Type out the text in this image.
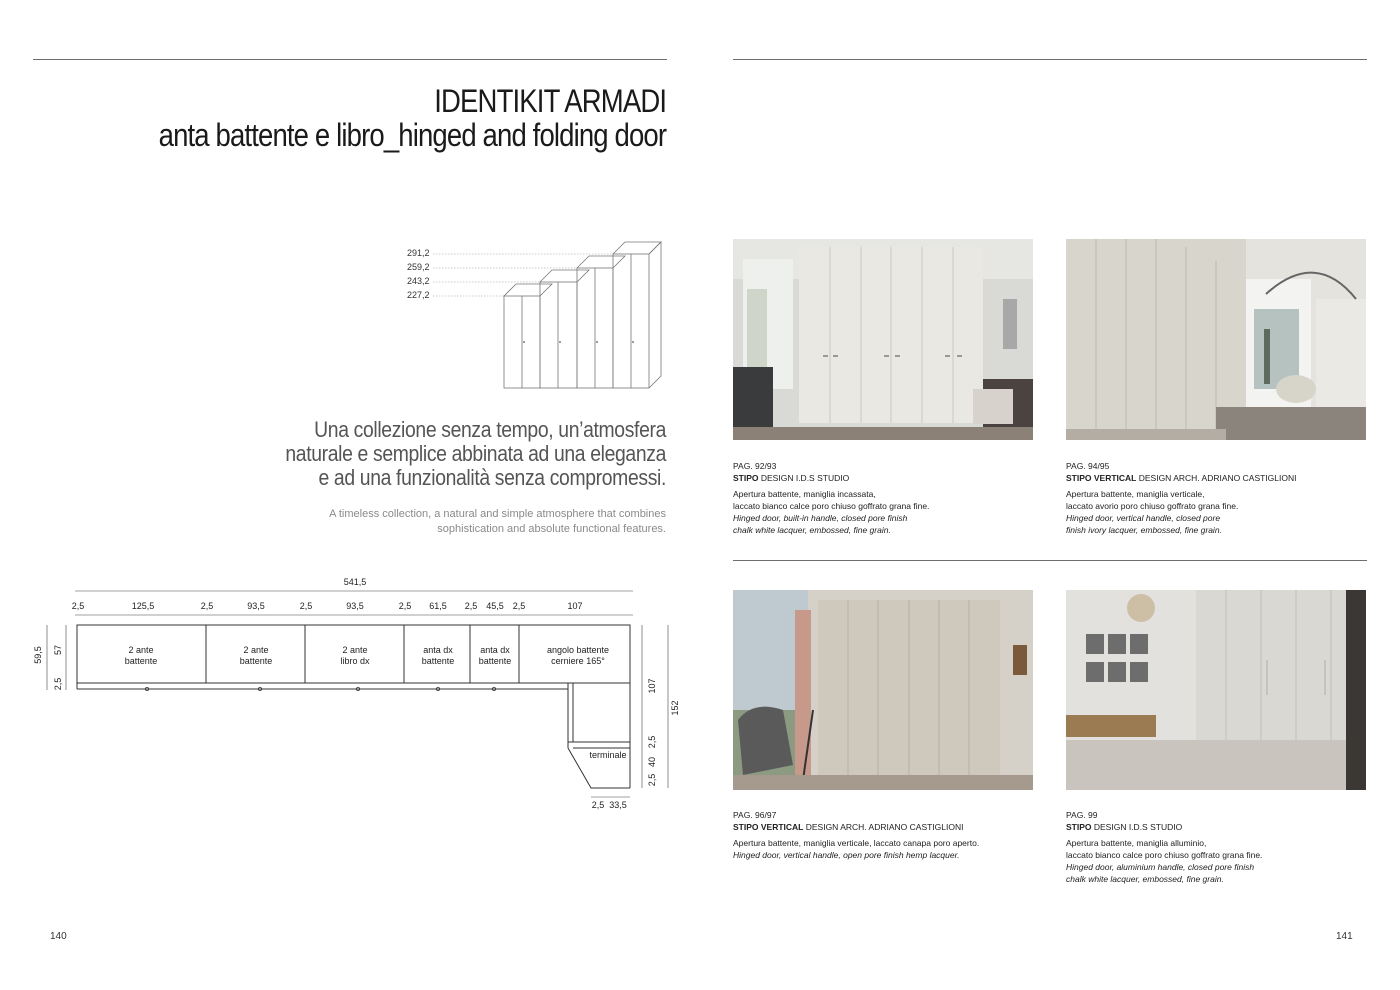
IDENTIKIT ARMADI
anta battente e libro_hinged and folding door
291,2
259,2
243,2
227,2
Una collezione senza tempo, un’atmosfera
naturale e semplice abbinata ad una eleganza
e ad una funzionalità senza compromessi.
A timeless collection, a natural and simple atmosphere that combines
sophistication and absolute functional features.
541,5
2,5	125,5	2,5	93,5	2,5	93,5	2,5 61,5 2,5 45,5 2,5	107
59,5 57
2,5
2 ante
battente
2 ante
battente
2 ante
libro dx
anta dx
battente
anta dx
battente
angolo battente
cerniere 165°
terminale
107
152
2,5
40
2,5
2,5 33,5
PAG. 92/93
STIPO DESIGN I.D.S STUDIO
Apertura battente, maniglia incassata,
laccato bianco calce poro chiuso goffrato grana fine.
Hinged door, built-in handle, closed pore finish
chalk white lacquer, embossed, fine grain.
PAG. 94/95
STIPO VERTICAL DESIGN ARCH. ADRIANO CASTIGLIONI
Apertura battente, maniglia verticale,
laccato avorio poro chiuso goffrato grana fine.
Hinged door, vertical handle, closed pore
finish ivory lacquer, embossed, fine grain.
PAG. 96/97
STIPO VERTICAL DESIGN ARCH. ADRIANO CASTIGLIONI
Apertura battente, maniglia verticale, laccato canapa poro aperto.
Hinged door, vertical handle, open pore finish hemp lacquer.
PAG. 99
STIPO DESIGN I.D.S STUDIO
Apertura battente, maniglia alluminio,
laccato bianco calce poro chiuso goffrato grana fine.
Hinged door, aluminium handle, closed pore finish
chalk white lacquer, embossed, fine grain.
140	141
